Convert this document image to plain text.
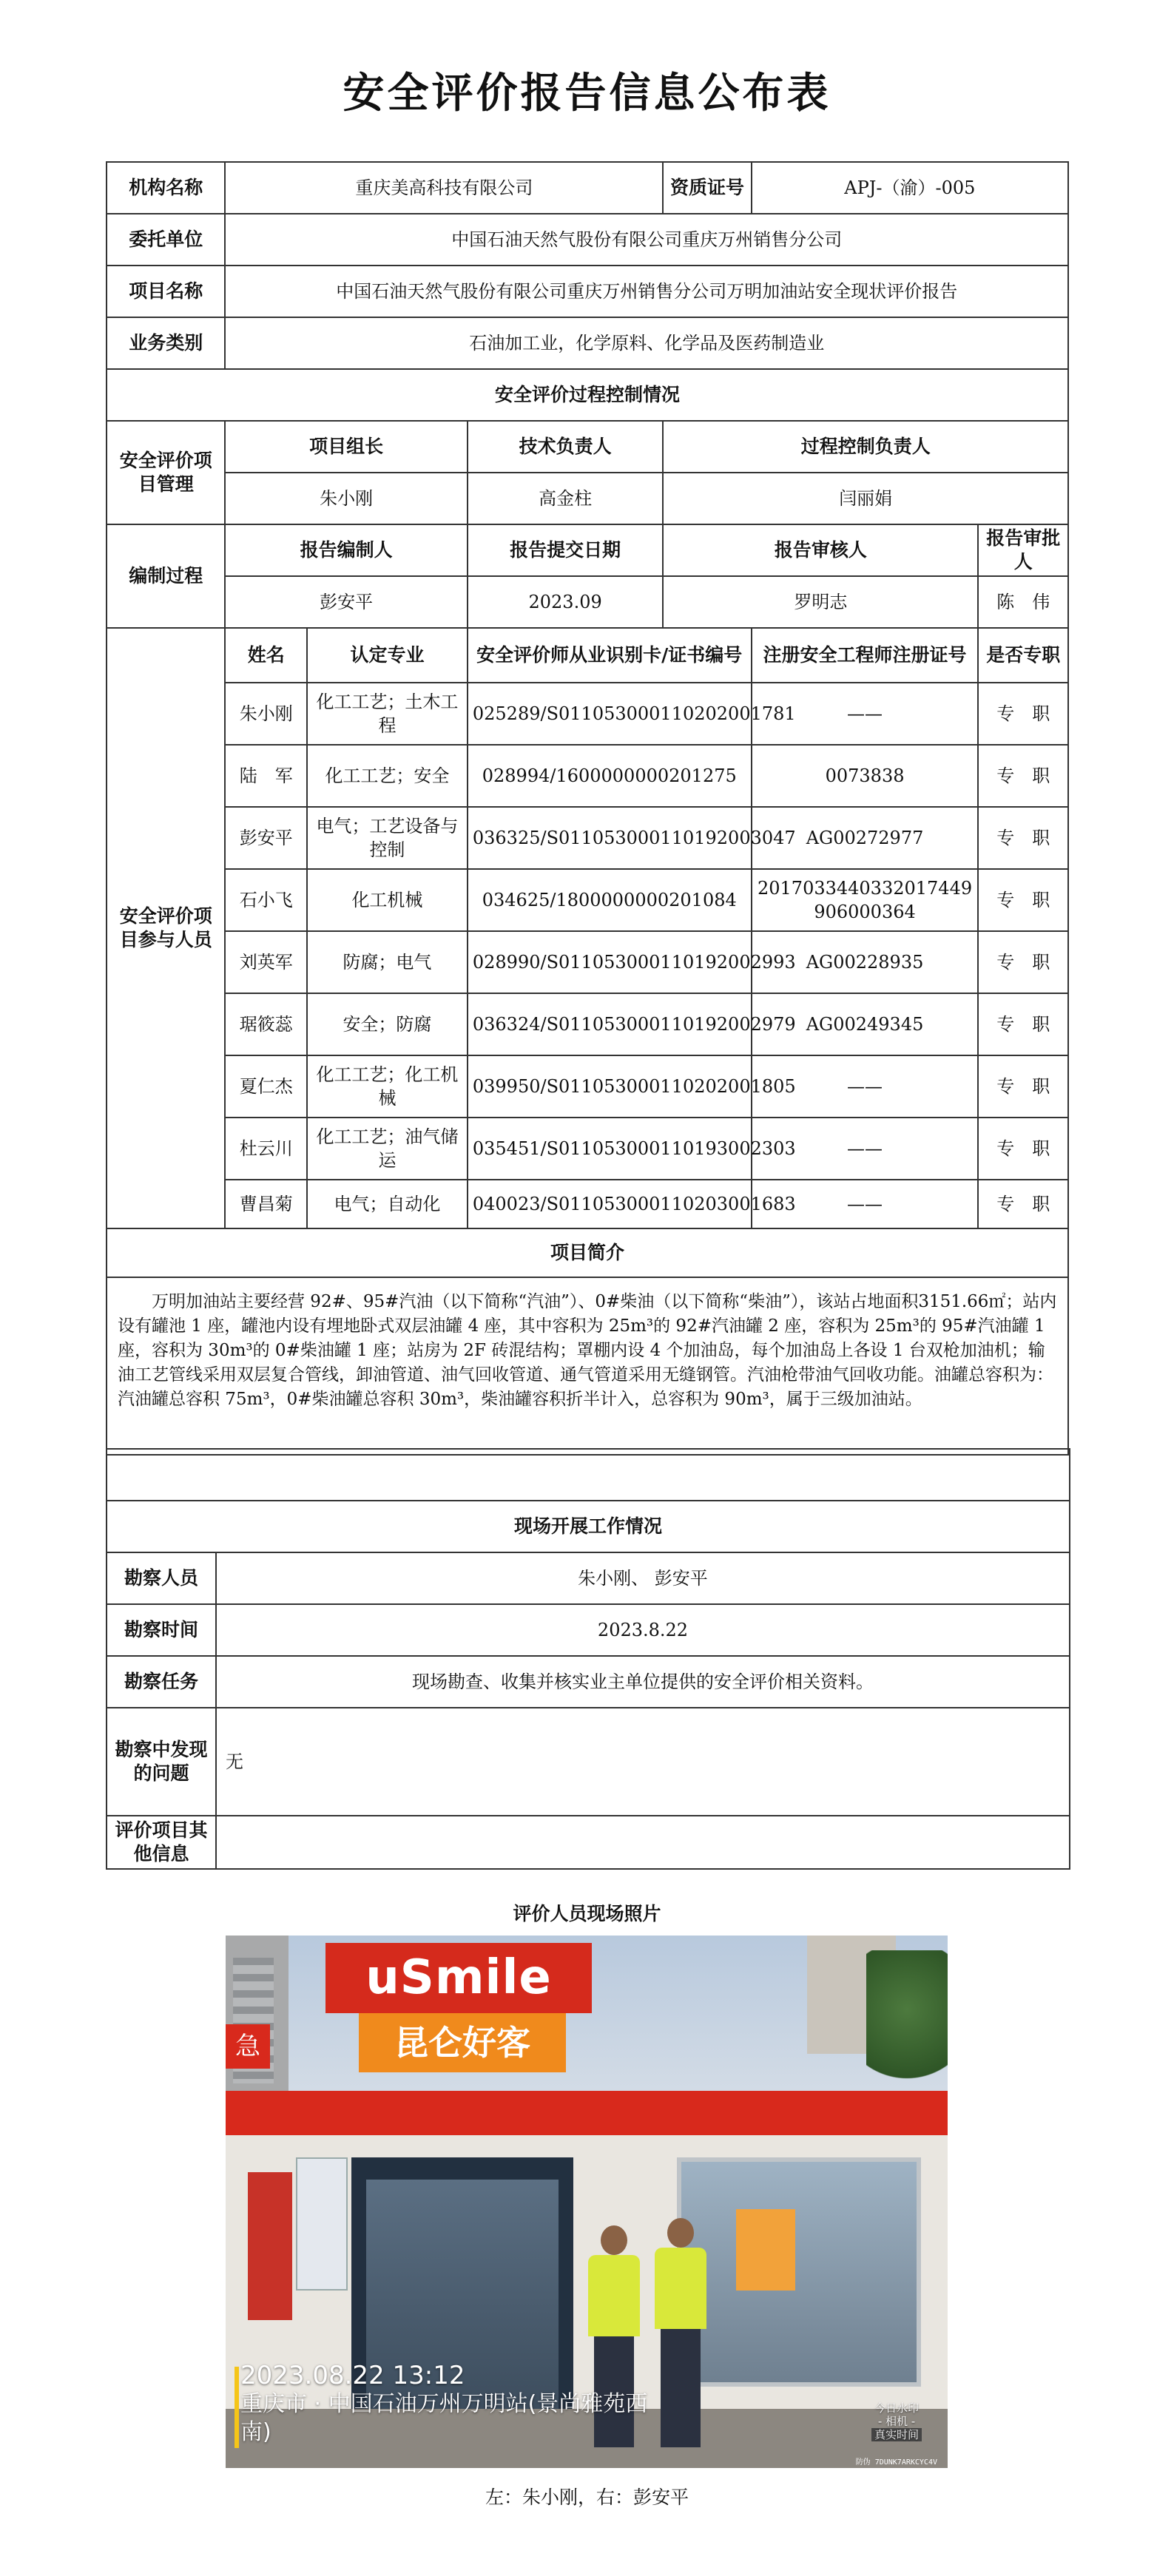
安全评价报告信息公布表
机构名称	重庆美高科技有限公司			资质证号	APJ-（渝）-005	
委托单位	中国石油天然气股份有限公司重庆万州销售分公司					
项目名称	中国石油天然气股份有限公司重庆万州销售分公司万明加油站安全现状评价报告					
业务类别	石油加工业，化学原料、化学品及医药制造业					
安全评价过程控制情况						
安全评价项目管理	项目组长		技术负责人	过程控制负责人		
	朱小刚		高金柱	闫丽娟		
编制过程	报告编制人		报告提交日期	报告审核人		报告审批人
	彭安平		2023.09	罗明志		陈　伟
安全评价项目参与人员	姓名	认定专业	安全评价师从业识别卡/证书编号		注册安全工程师注册证号	是否专职
	朱小刚	化工工艺；土木工程	025289/S011053000110202001781		——	专　职
	陆　军	化工工艺；安全	028994/1600000000201275		0073838	专　职
	彭安平	电气；工艺设备与控制	036325/S011053000110192003047		AG00272977	专　职
	石小飞	化工机械	034625/1800000000201084		2017033440332017449906000364	专　职
	刘英军	防腐；电气	028990/S011053000110192002993		AG00228935	专　职
	琚筱蕊	安全；防腐	036324/S011053000110192002979		AG00249345	专　职
	夏仁杰	化工工艺；化工机械	039950/S011053000110202001805		——	专　职
	杜云川	化工工艺；油气储运	035451/S011053000110193002303		——	专　职
	曹昌菊	电气；自动化	040023/S011053000110203001683		——	专　职
项目简介						
万明加油站主要经营 92#、95#汽油（以下简称“汽油”）、0#柴油（以下简称“柴油”），该站占地面积3151.66㎡；站内设有罐池 1 座，罐池内设有埋地卧式双层油罐 4 座，其中容积为 25m³的 92#汽油罐 2 座，容积为 25m³的 95#汽油罐 1 座，容积为 30m³的 0#柴油罐 1 座；站房为 2F 砖混结构；罩棚内设 4 个加油岛，每个加油岛上各设 1 台双枪加油机；输油工艺管线采用双层复合管线，卸油管道、油气回收管道、通气管道采用无缝钢管。汽油枪带油气回收功能。油罐总容积为：汽油罐总容积 75m³，0#柴油罐总容积 30m³，柴油罐容积折半计入，总容积为 90m³，属于三级加油站。						

现场开展工作情况	
勘察人员	朱小刚、 彭安平
勘察时间	2023.8.22
勘察任务	现场勘查、收集并核实业主单位提供的安全评价相关资料。
勘察中发现的问题	无
评价项目其他信息	
评价人员现场照片
uSmile
昆仑好客
急
2023.08.22 13:12
重庆市 · 中国石油万州万明站(景尚雅苑西南)
今日水印
- 相机 -
真实时间
防伪 7DUNK7ARKCYC4V
左：朱小刚，右：彭安平
